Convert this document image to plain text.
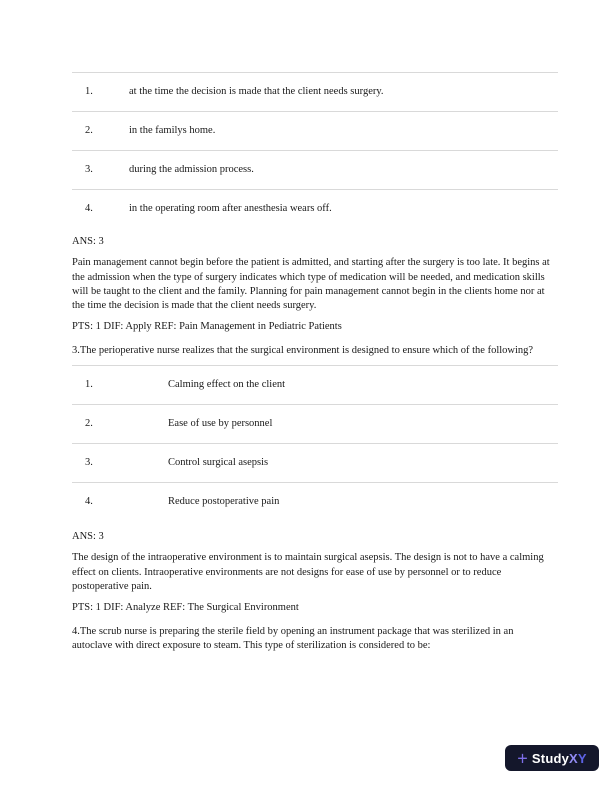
1.	at the time the decision is made that the client needs surgery.
2.	in the familys home.
3.	during the admission process.
4.	in the operating room after anesthesia wears off.

ANS: 3

Pain management cannot begin before the patient is admitted, and starting after the surgery is too late. It begins at the admission when the type of surgery indicates which type of medication will be needed, and medication skills will be taught to the client and the family. Planning for pain management cannot begin in the clients home nor at the time the decision is made that the client needs surgery.

PTS: 1 DIF: Apply REF: Pain Management in Pediatric Patients

3.The perioperative nurse realizes that the surgical environment is designed to ensure which of the following?

1.	Calming effect on the client
2.	Ease of use by personnel
3.	Control surgical asepsis
4.	Reduce postoperative pain

ANS: 3

The design of the intraoperative environment is to maintain surgical asepsis. The design is not to have a calming effect on clients. Intraoperative environments are not designs for ease of use by personnel or to reduce postoperative pain.

PTS: 1 DIF: Analyze REF: The Surgical Environment

4.The scrub nurse is preparing the sterile field by opening an instrument package that was sterilized in an autoclave with direct exposure to steam. This type of sterilization is considered to be:

+ Study X Y
